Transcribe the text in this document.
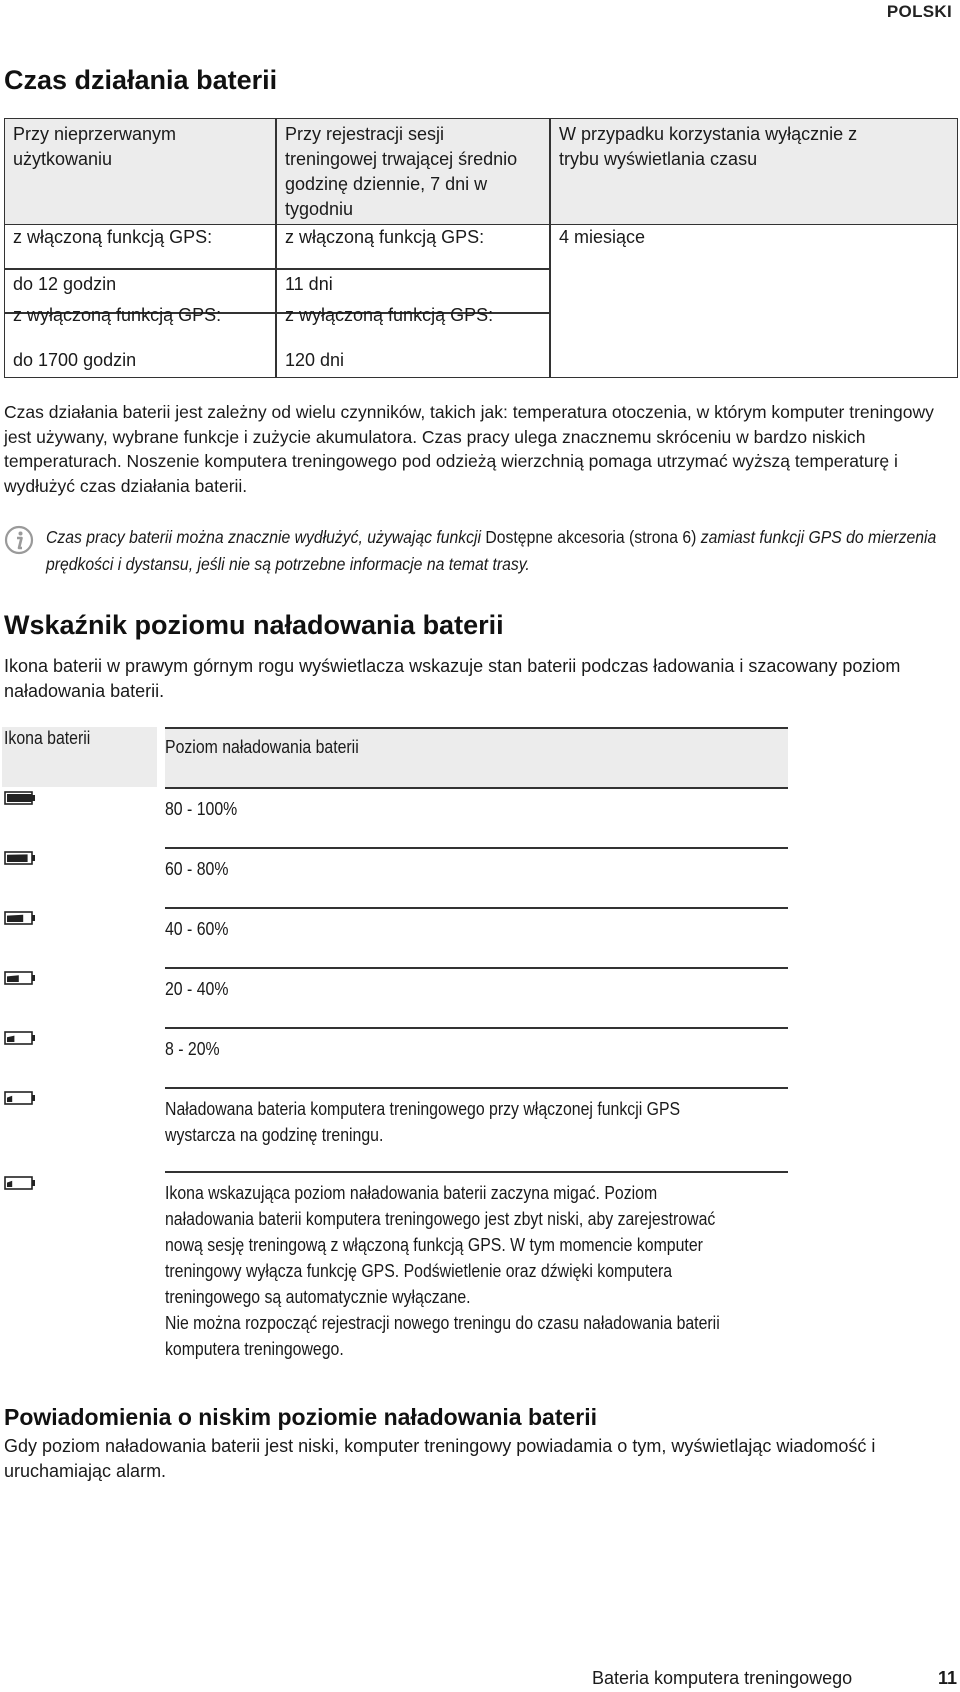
POLSKI
Czas działania baterii
Przy nieprzerwanym użytkowaniu
Przy rejestracji sesji treningowej trwającej średnio godzinę dziennie, 7 dni w tygodniu
W przypadku korzystania wyłącznie z trybu wyświetlania czasu
z włączoną funkcją GPS:
do 12 godzin
z wyłączoną funkcją GPS:
do 1700 godzin
z włączoną funkcją GPS:
11 dni
z wyłączoną funkcją GPS:
120 dni
4 miesiące
Czas działania baterii jest zależny od wielu czynników, takich jak: temperatura otoczenia, w którym komputer treningowy jest używany, wybrane funkcje i zużycie akumulatora. Czas pracy ulega znacznemu skróceniu w bardzo niskich temperaturach. Noszenie komputera treningowego pod odzieżą wierzchnią pomaga utrzymać wyższą temperaturę i wydłużyć czas działania baterii.
Czas pracy baterii można znacznie wydłużyć, używając funkcji Dostępne akcesoria (strona 6) zamiast funkcji GPS do mierzenia prędkości i dystansu, jeśli nie są potrzebne informacje na temat trasy.
Wskaźnik poziomu naładowania baterii
Ikona baterii w prawym górnym rogu wyświetlacza wskazuje stan baterii podczas ładowania i szacowany poziom naładowania baterii.
Ikona baterii	Poziom naładowania baterii
80 - 100%
60 - 80%
40 - 60%
20 - 40%
8 - 20%
Naładowana bateria komputera treningowego przy włączonej funkcji GPS
wystarcza na godzinę treningu.
Ikona wskazująca poziom naładowania baterii zaczyna migać. Poziom
naładowania baterii komputera treningowego jest zbyt niski, aby zarejestrować
nową sesję treningową z włączoną funkcją GPS. W tym momencie komputer
treningowy wyłącza funkcję GPS. Podświetlenie oraz dźwięki komputera
treningowego są automatycznie wyłączane.
Nie można rozpocząć rejestracji nowego treningu do czasu naładowania baterii
komputera treningowego.
Powiadomienia o niskim poziomie naładowania baterii
Gdy poziom naładowania baterii jest niski, komputer treningowy powiadamia o tym, wyświetlając wiadomość i uruchamiając alarm.
Bateria komputera treningowego	11
